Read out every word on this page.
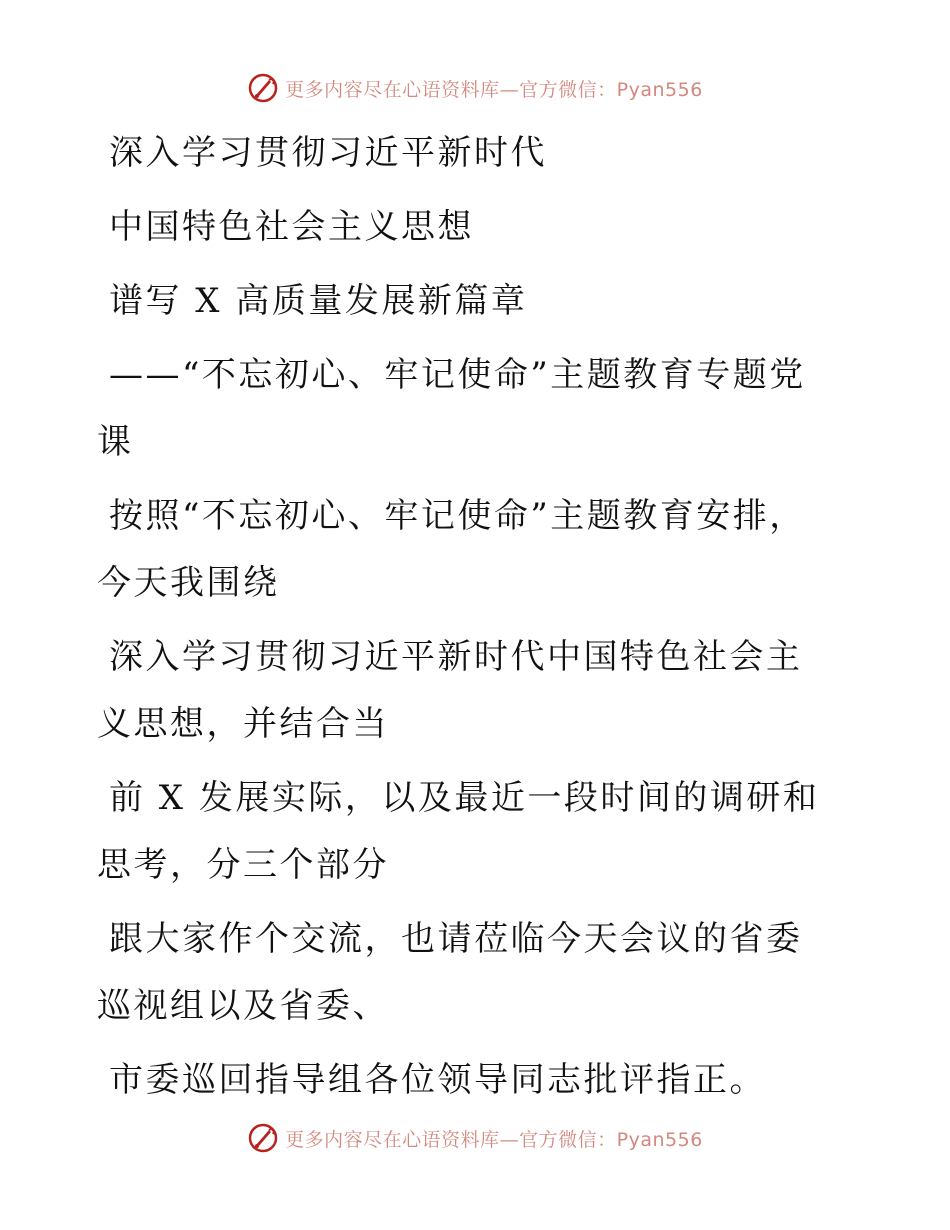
更多内容尽在心语资料库—官方微信：Pyan556

深入学习贯彻习近平新时代

中国特色社会主义思想

谱写 X 高质量发展新篇章

——“不忘初心、牢记使命”主题教育专题党课

按照“不忘初心、牢记使命”主题教育安排，今天我围绕

深入学习贯彻习近平新时代中国特色社会主义思想，并结合当

前 X 发展实际，以及最近一段时间的调研和思考，分三个部分

跟大家作个交流，也请莅临今天会议的省委巡视组以及省委、

市委巡回指导组各位领导同志批评指正。

更多内容尽在心语资料库—官方微信：Pyan556
